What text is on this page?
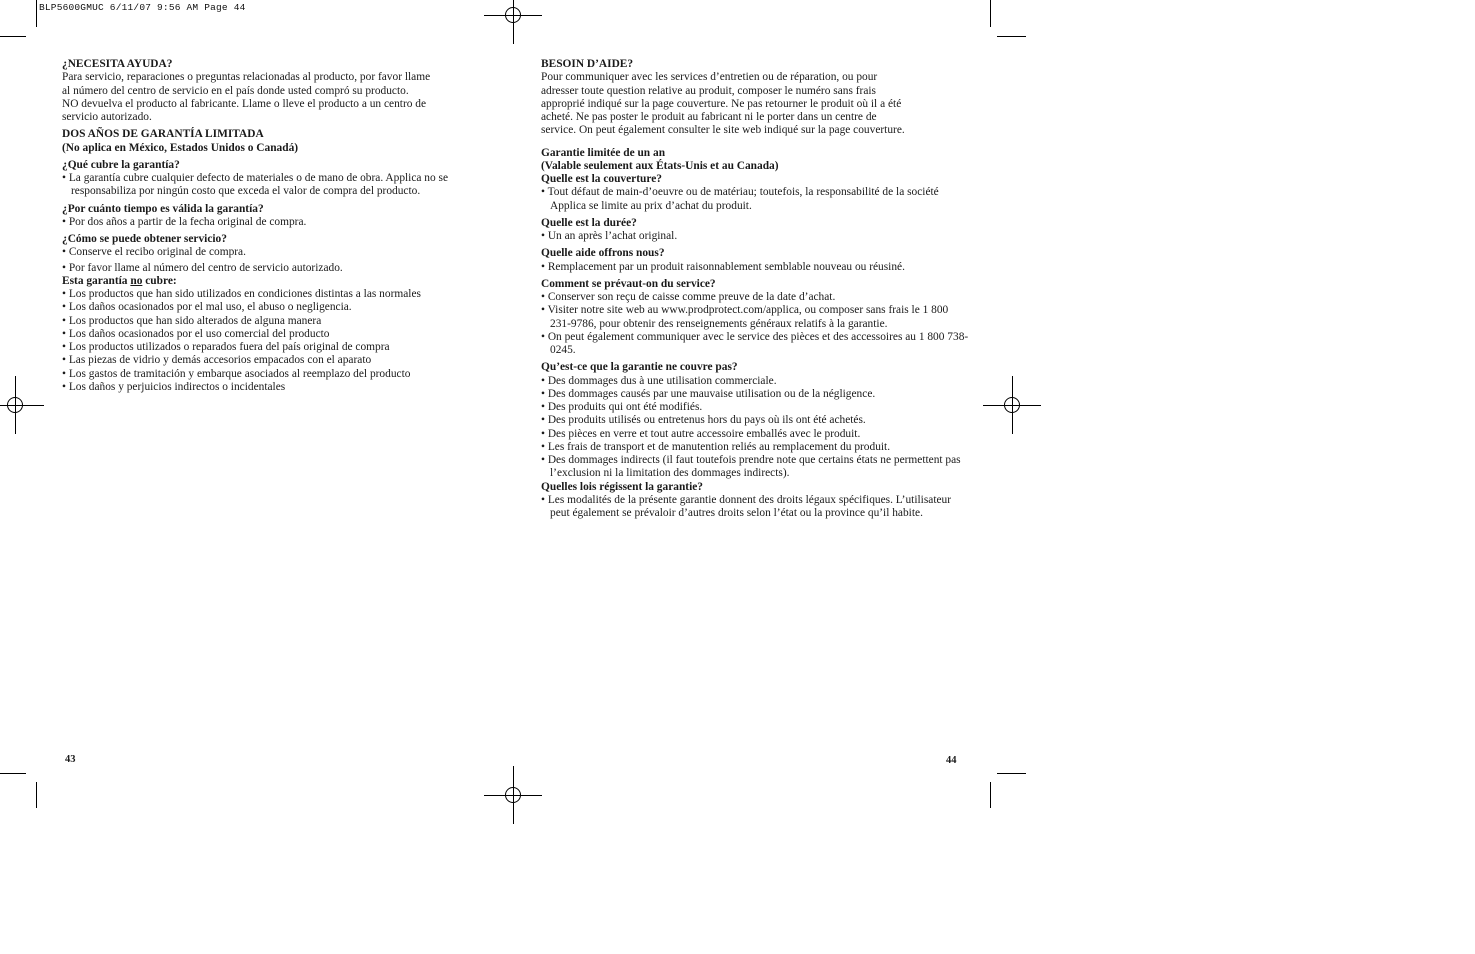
BLP5600GMUC 6/11/07 9:56 AM Page 44

¿NECESITA AYUDA?

Para servicio, reparaciones o preguntas relacionadas al producto, por favor llame

al número del centro de servicio en el país donde usted compró su producto.

NO devuelva el producto al fabricante. Llame o lleve el producto a un centro de

servicio autorizado.

DOS AÑOS DE GARANTÍA LIMITADA

(No aplica en México, Estados Unidos o Canadá)

¿Qué cubre la garantía?

• La garantía cubre cualquier defecto de materiales o de mano de obra. Applica no se responsabiliza por ningún costo que exceda el valor de compra del producto.

¿Por cuánto tiempo es válida la garantía?

• Por dos años a partir de la fecha original de compra.

¿Cómo se puede obtener servicio?

• Conserve el recibo original de compra.

• Por favor llame al número del centro de servicio autorizado.

Esta garantía no cubre:

• Los productos que han sido utilizados en condiciones distintas a las normales

• Los daños ocasionados por el mal uso, el abuso o negligencia.

• Los productos que han sido alterados de alguna manera

• Los daños ocasionados por el uso comercial del producto

• Los productos utilizados o reparados fuera del país original de compra

• Las piezas de vidrio y demás accesorios empacados con el aparato

• Los gastos de tramitación y embarque asociados al reemplazo del producto

• Los daños y perjuicios indirectos o incidentales

43

BESOIN D’AIDE?

Pour communiquer avec les services d’entretien ou de réparation, ou pour

adresser toute question relative au produit, composer le numéro sans frais

approprié indiqué sur la page couverture. Ne pas retourner le produit où il a été

acheté. Ne pas poster le produit au fabricant ni le porter dans un centre de

service. On peut également consulter le site web indiqué sur la page couverture.

Garantie limitée de un an

(Valable seulement aux États-Unis et au Canada)

Quelle est la couverture?

• Tout défaut de main-d’oeuvre ou de matériau; toutefois, la responsabilité de la société Applica se limite au prix d’achat du produit.

Quelle est la durée?

• Un an après l’achat original.

Quelle aide offrons nous?

• Remplacement par un produit raisonnablement semblable nouveau ou réusiné.

Comment se prévaut-on du service?

• Conserver son reçu de caisse comme preuve de la date d’achat.

• Visiter notre site web au www.prodprotect.com/applica, ou composer sans frais le 1 800 231-9786, pour obtenir des renseignements généraux relatifs à la garantie.

• On peut également communiquer avec le service des pièces et des accessoires au 1 800 738-0245.

Qu’est-ce que la garantie ne couvre pas?

• Des dommages dus à une utilisation commerciale.

• Des dommages causés par une mauvaise utilisation ou de la négligence.

• Des produits qui ont été modifiés.

• Des produits utilisés ou entretenus hors du pays où ils ont été achetés.

• Des pièces en verre et tout autre accessoire emballés avec le produit.

• Les frais de transport et de manutention reliés au remplacement du produit.

• Des dommages indirects (il faut toutefois prendre note que certains états ne permettent pas l’exclusion ni la limitation des dommages indirects).

Quelles lois régissent la garantie?

• Les modalités de la présente garantie donnent des droits légaux spécifiques. L’utilisateur peut également se prévaloir d’autres droits selon l’état ou la province qu’il habite.

44
